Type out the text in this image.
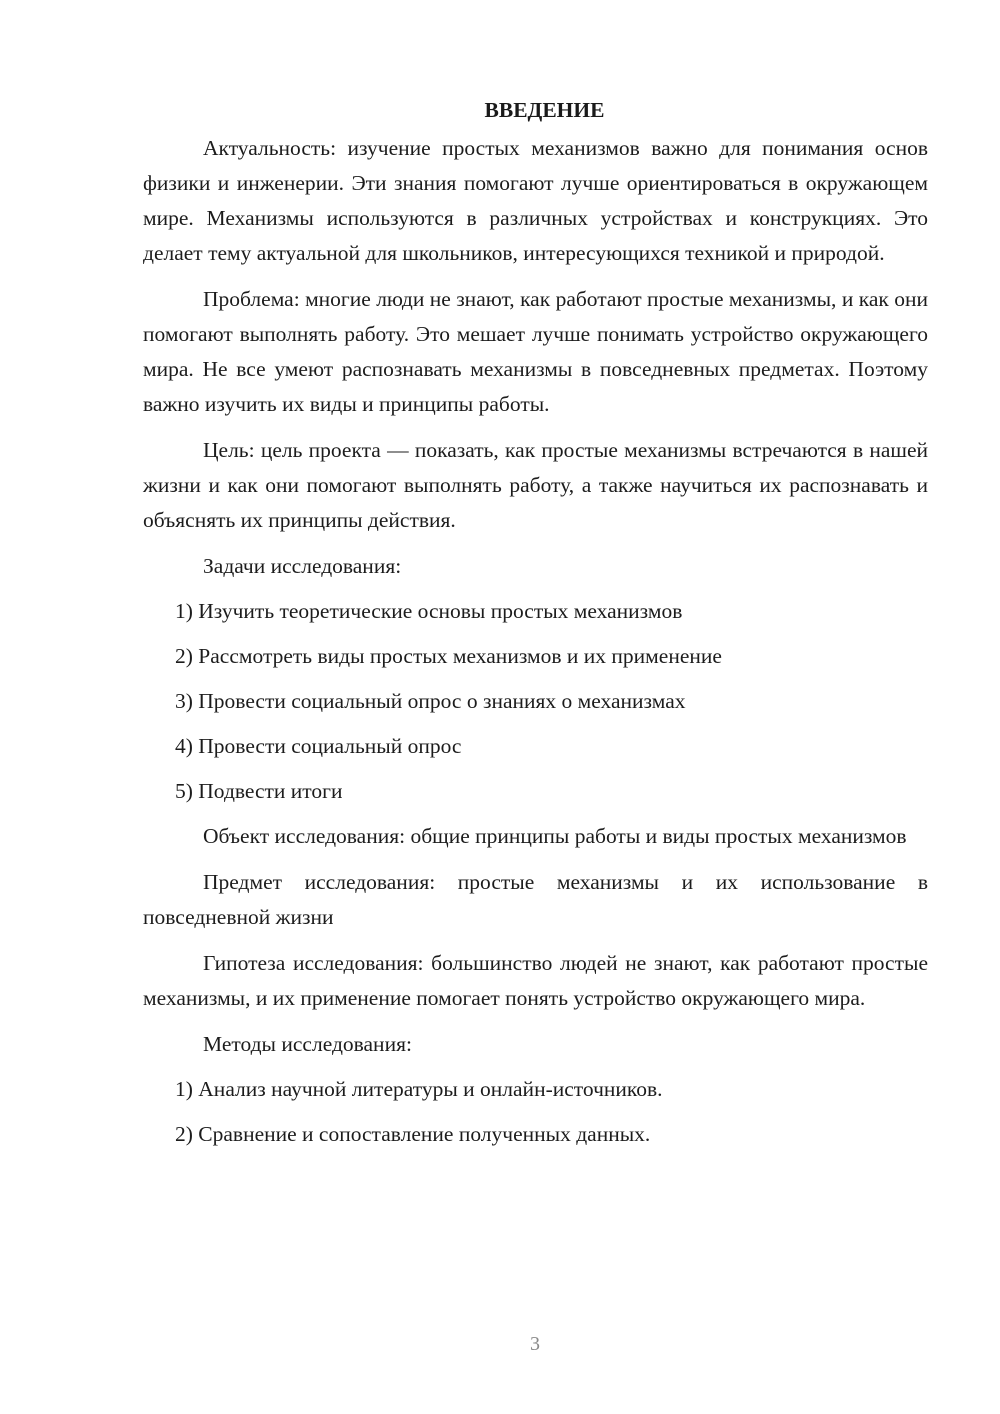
ВВЕДЕНИЕ

Актуальность: изучение простых механизмов важно для понимания основ физики и инженерии. Эти знания помогают лучше ориентироваться в окружающем мире. Механизмы используются в различных устройствах и конструкциях. Это делает тему актуальной для школьников, интересующихся техникой и природой.

Проблема: многие люди не знают, как работают простые механизмы, и как они помогают выполнять работу. Это мешает лучше понимать устройство окружающего мира. Не все умеют распознавать механизмы в повседневных предметах. Поэтому важно изучить их виды и принципы работы.

Цель: цель проекта — показать, как простые механизмы встречаются в нашей жизни и как они помогают выполнять работу, а также научиться их распознавать и объяснять их принципы действия.

Задачи исследования:

1) Изучить теоретические основы простых механизмов
2) Рассмотреть виды простых механизмов и их применение
3) Провести социальный опрос о знаниях о механизмах
4) Провести социальный опрос
5) Подвести итоги

Объект исследования: общие принципы работы и виды простых механизмов

Предмет исследования: простые механизмы и их использование в повседневной жизни

Гипотеза исследования: большинство людей не знают, как работают простые механизмы, и их применение помогает понять устройство окружающего мира.

Методы исследования:

1) Анализ научной литературы и онлайн-источников.
2) Сравнение и сопоставление полученных данных.
3
